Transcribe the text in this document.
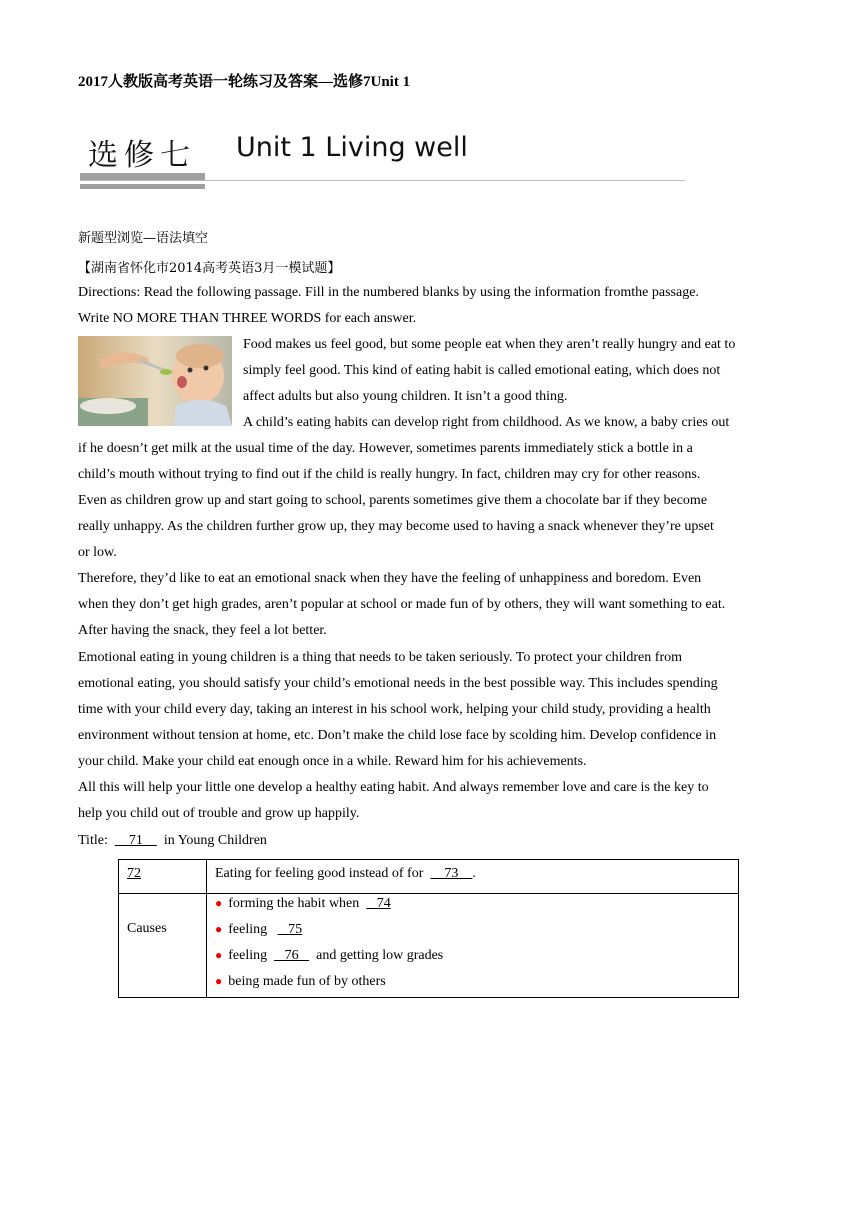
2017人教版高考英语一轮练习及答案—选修7Unit 1
选修七 Unit 1 Living well
新题型浏览—语法填空
【湖南省怀化市2014高考英语3月一模试题】
Directions: Read the following passage. Fill in the numbered blanks by using the information fromthe passage.
Write NO MORE THAN THREE WORDS for each answer.
Food makes us feel good, but some people eat when they aren’t really hungry and eat to
simply feel good. This kind of eating habit is called emotional eating, which does not
affect adults but also young children. It isn’t a good thing.
A child’s eating habits can develop right from childhood. As we know, a baby cries out
if he doesn’t get milk at the usual time of the day. However, sometimes parents immediately stick a bottle in a
child’s mouth without trying to find out if the child is really hungry. In fact, children may cry for other reasons.
Even as children grow up and start going to school, parents sometimes give them a chocolate bar if they become
really unhappy. As the children further grow up, they may become used to having a snack whenever they’re upset
or low.
Therefore, they’d like to eat an emotional snack when they have the feeling of unhappiness and boredom. Even
when they don’t get high grades, aren’t popular at school or made fun of by others, they will want something to eat.
After having the snack, they feel a lot better.
Emotional eating in young children is a thing that needs to be taken seriously. To protect your children from
emotional eating, you should satisfy your child’s emotional needs in the best possible way. This includes spending
time with your child every day, taking an interest in his school work, helping your child study, providing a health
environment without tension at home, etc. Don’t make the child lose face by scolding him. Develop confidence in
your child. Make your child eat enough once in a while. Reward him for his achievements.
All this will help your little one develop a healthy eating habit. And always remember love and care is the key to
help you child out of trouble and grow up happily.
Title: 71 in Young Children
72	Eating for feeling good instead of for 73 .
Causes
● forming the habit when 74
● feeling 75
● feeling 76 and getting low grades
● being made fun of by others
